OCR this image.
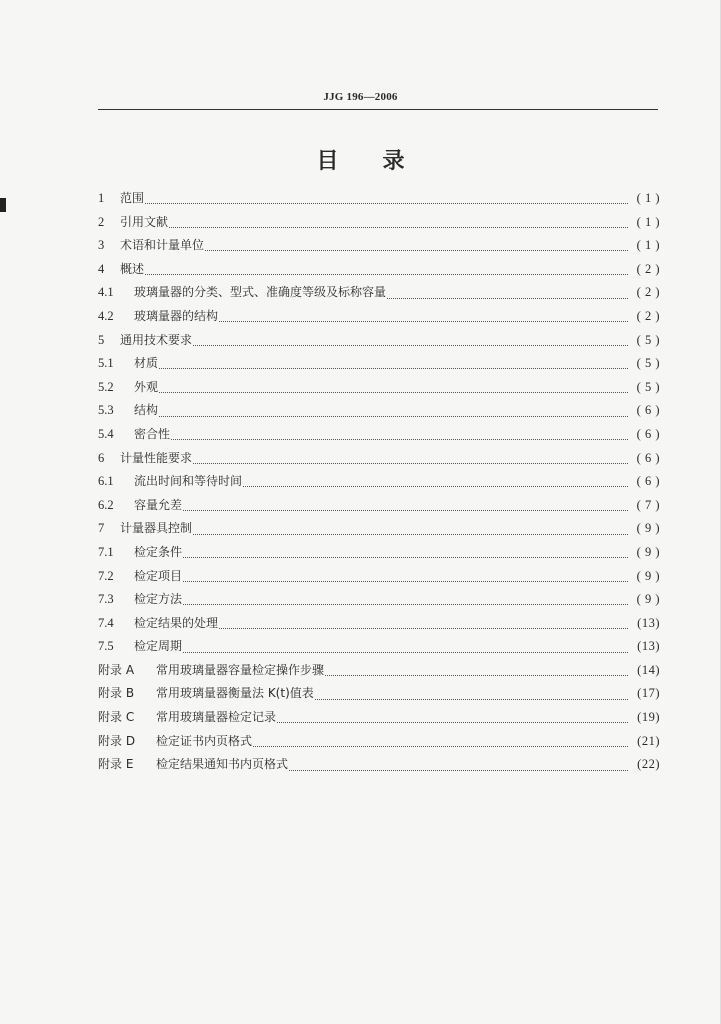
JJG 196—2006
目录
1	范围	( 1 )
2	引用文献	( 1 )
3	术语和计量单位	( 1 )
4	概述	( 2 )
4.1	玻璃量器的分类、型式、准确度等级及标称容量	( 2 )
4.2	玻璃量器的结构	( 2 )
5	通用技术要求	( 5 )
5.1	材质	( 5 )
5.2	外观	( 5 )
5.3	结构	( 6 )
5.4	密合性	( 6 )
6	计量性能要求	( 6 )
6.1	流出时间和等待时间	( 6 )
6.2	容量允差	( 7 )
7	计量器具控制	( 9 )
7.1	检定条件	( 9 )
7.2	检定项目	( 9 )
7.3	检定方法	( 9 )
7.4	检定结果的处理	(13)
7.5	检定周期	(13)
附录 A	常用玻璃量器容量检定操作步骤	(14)
附录 B	常用玻璃量器衡量法 K(t)值表	(17)
附录 C	常用玻璃量器检定记录	(19)
附录 D	检定证书内页格式	(21)
附录 E	检定结果通知书内页格式	(22)
